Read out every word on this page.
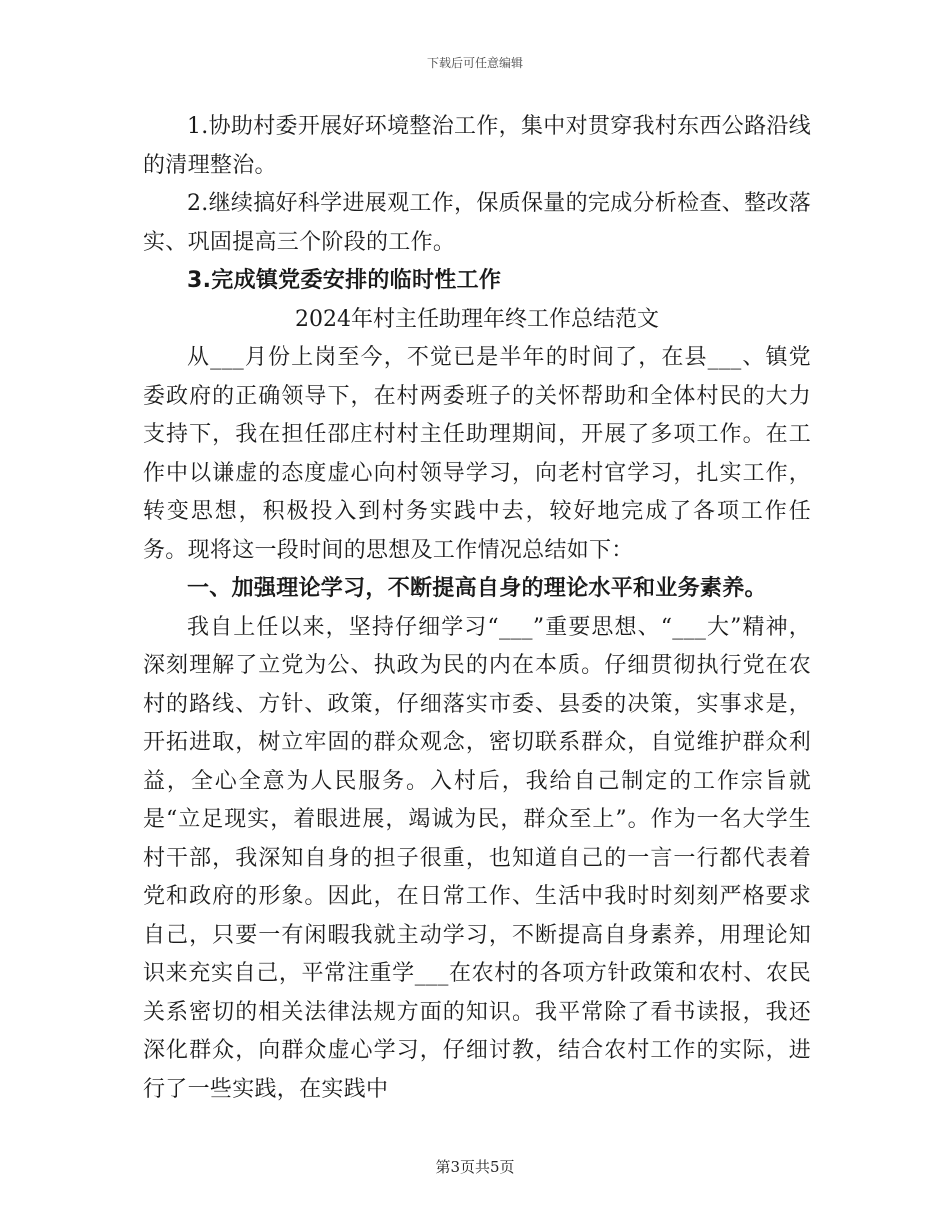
下载后可任意编辑

1.协助村委开展好环境整治工作，集中对贯穿我村东西公路沿线的清理整治。

2.继续搞好科学进展观工作，保质保量的完成分析检查、整改落实、巩固提高三个阶段的工作。

3.完成镇党委安排的临时性工作

2024年村主任助理年终工作总结范文

从___月份上岗至今，不觉已是半年的时间了，在县___、镇党委政府的正确领导下，在村两委班子的关怀帮助和全体村民的大力支持下，我在担任邵庄村村主任助理期间，开展了多项工作。在工作中以谦虚的态度虚心向村领导学习，向老村官学习，扎实工作，转变思想，积极投入到村务实践中去，较好地完成了各项工作任务。现将这一段时间的思想及工作情况总结如下：

一、加强理论学习，不断提高自身的理论水平和业务素养。

我自上任以来，坚持仔细学习“___”重要思想、“___大”精神，深刻理解了立党为公、执政为民的内在本质。仔细贯彻执行党在农村的路线、方针、政策，仔细落实市委、县委的决策，实事求是，开拓进取，树立牢固的群众观念，密切联系群众，自觉维护群众利益，全心全意为人民服务。入村后，我给自己制定的工作宗旨就是“立足现实，着眼进展，竭诚为民，群众至上”。作为一名大学生村干部，我深知自身的担子很重，也知道自己的一言一行都代表着党和政府的形象。因此，在日常工作、生活中我时时刻刻严格要求自己，只要一有闲暇我就主动学习，不断提高自身素养，用理论知识来充实自己，平常注重学___在农村的各项方针政策和农村、农民关系密切的相关法律法规方面的知识。我平常除了看书读报，我还深化群众，向群众虚心学习，仔细讨教，结合农村工作的实际，进行了一些实践，在实践中

第3页共5页
